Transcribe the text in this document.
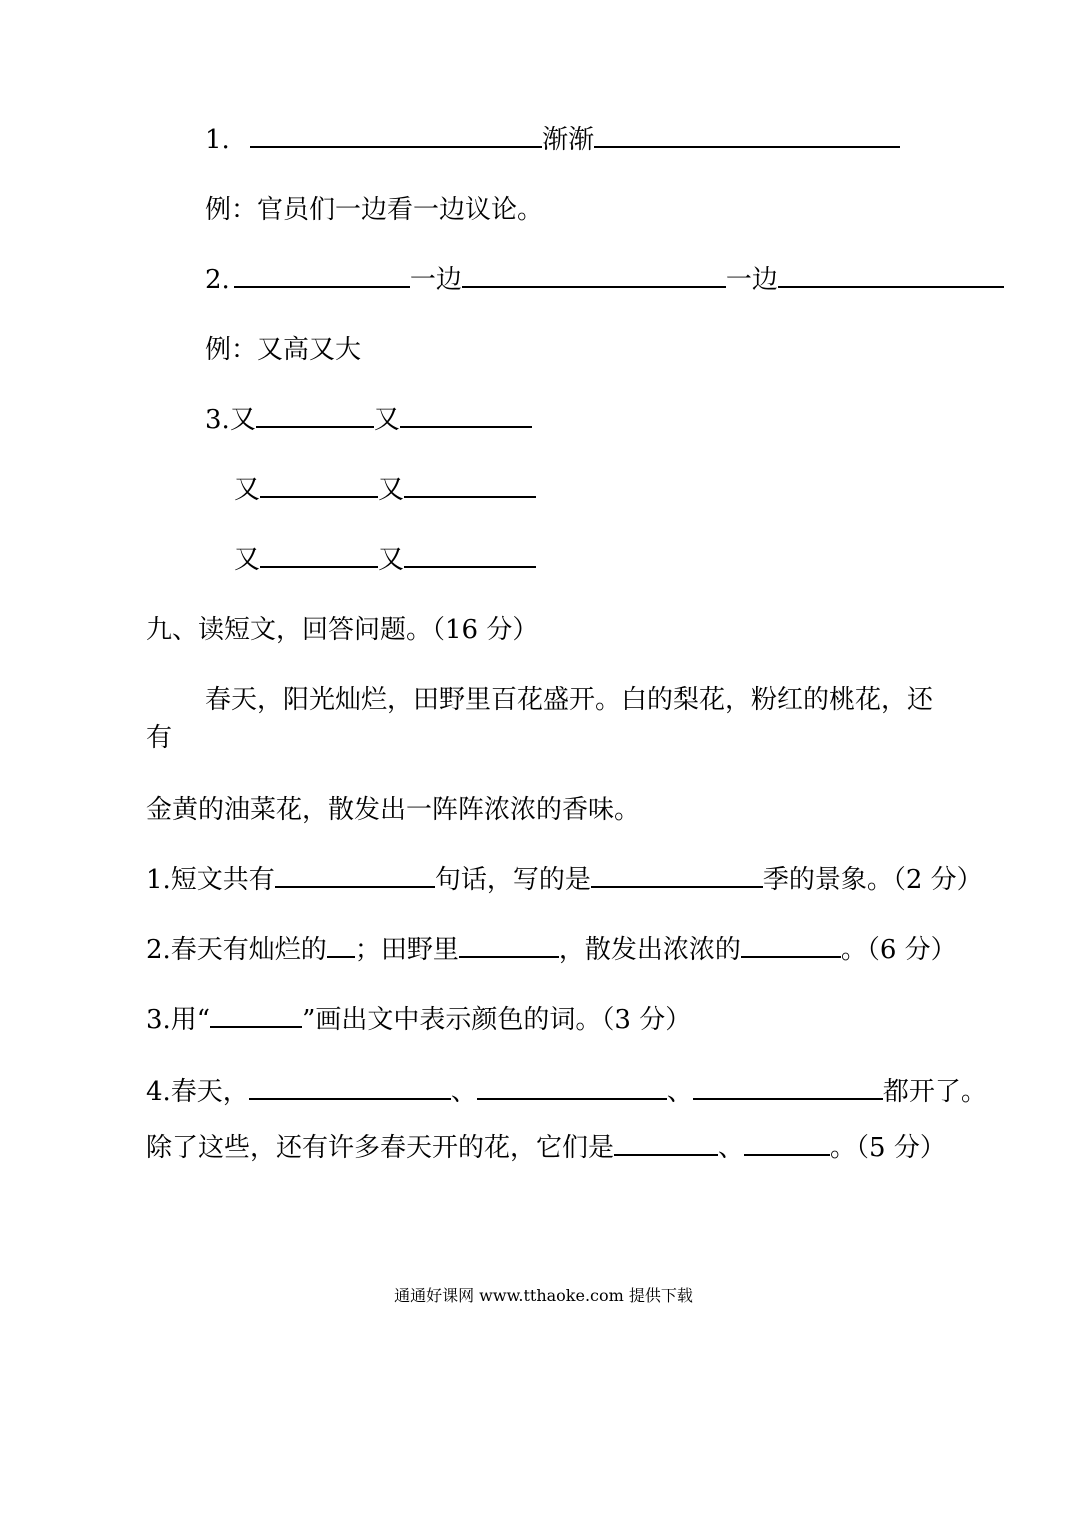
1.	渐渐
例：官员们一边看一边议论。
2.	一边	一边
例：又高又大
3.又	又
又	又
又	又
九、读短文，回答问题。（16 分）
春天，阳光灿烂，田野里百花盛开。白的梨花，粉红的桃花，还
有
金黄的油菜花，散发出一阵阵浓浓的香味。
1.短文共有	句话，写的是	季的景象。（2 分）
2.春天有灿烂的 ；田野里	，散发出浓浓的	。（6 分）
3.用“	”画出文中表示颜色的词。（3 分）
4.春天，	、	、	都开了。
除了这些，还有许多春天开的花，它们是	、	。（5 分）
通通好课网 www.tthaoke.com 提供下载
